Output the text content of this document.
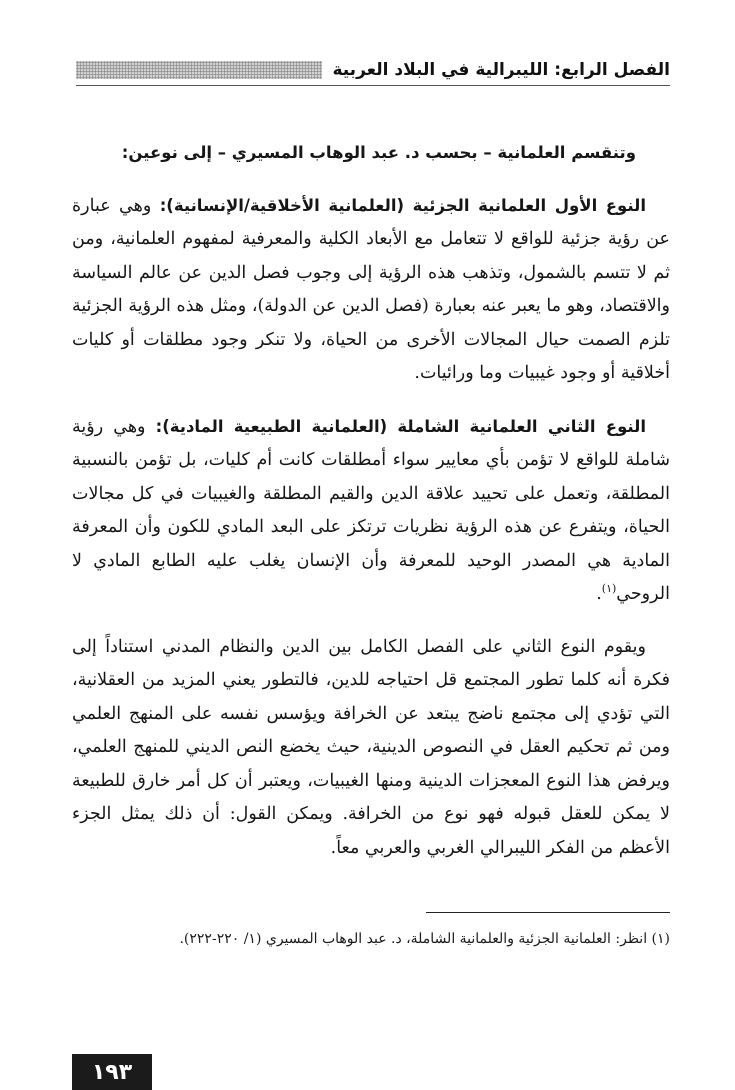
الفصل الرابع: الليبرالية في البلاد العربية

وتنقسم العلمانية – بحسب د. عبد الوهاب المسيري – إلى نوعين:

النوع الأول العلمانية الجزئية (العلمانية الأخلاقية/الإنسانية): وهي عبارة عن رؤية جزئية للواقع لا تتعامل مع الأبعاد الكلية والمعرفية لمفهوم العلمانية، ومن ثم لا تتسم بالشمول، وتذهب هذه الرؤية إلى وجوب فصل الدين عن عالم السياسة والاقتصاد، وهو ما يعبر عنه بعبارة (فصل الدين عن الدولة)، ومثل هذه الرؤية الجزئية تلزم الصمت حيال المجالات الأخرى من الحياة، ولا تنكر وجود مطلقات أو كليات أخلاقية أو وجود غيبيات وما ورائيات.

النوع الثاني العلمانية الشاملة (العلمانية الطبيعية المادية): وهي رؤية شاملة للواقع لا تؤمن بأي معايير سواء أمطلقات كانت أم كليات، بل تؤمن بالنسبية المطلقة، وتعمل على تحييد علاقة الدين والقيم المطلقة والغيبيات في كل مجالات الحياة، ويتفرع عن هذه الرؤية نظريات ترتكز على البعد المادي للكون وأن المعرفة المادية هي المصدر الوحيد للمعرفة وأن الإنسان يغلب عليه الطابع المادي لا الروحي$^{(١)}$.

ويقوم النوع الثاني على الفصل الكامل بين الدين والنظام المدني استناداً إلى فكرة أنه كلما تطور المجتمع قل احتياجه للدين، فالتطور يعني المزيد من العقلانية، التي تؤدي إلى مجتمع ناضج يبتعد عن الخرافة ويؤسس نفسه على المنهج العلمي ومن ثم تحكيم العقل في النصوص الدينية، حيث يخضع النص الديني للمنهج العلمي، ويرفض هذا النوع المعجزات الدينية ومنها الغيبيات، ويعتبر أن كل أمر خارق للطبيعة لا يمكن للعقل قبوله فهو نوع من الخرافة. ويمكن القول: أن ذلك يمثل الجزء الأعظم من الفكر الليبرالي الغربي والعربي معاً.

(١) انظر: العلمانية الجزئية والعلمانية الشاملة، د. عبد الوهاب المسيري (١/ ٢٢٠-٢٢٢).
١٩٣
